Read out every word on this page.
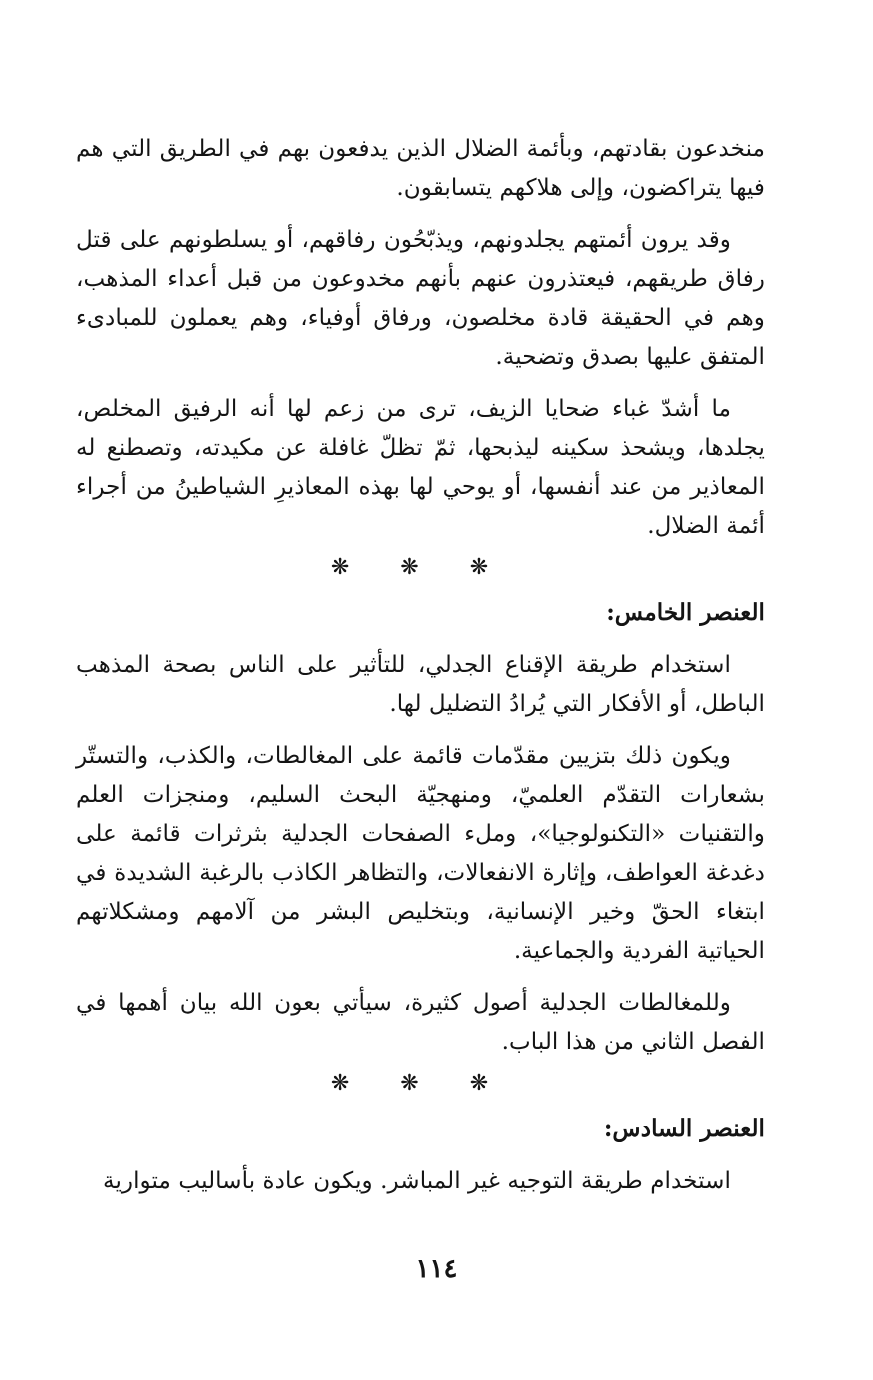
منخدعون بقادتهم، وبأئمة الضلال الذين يدفعون بهم في الطريق التي هم فيها يتراكضون، وإلى هلاكهم يتسابقون.

وقد يرون أئمتهم يجلدونهم، ويذبّحُون رفاقهم، أو يسلطونهم على قتل رفاق طريقهم، فيعتذرون عنهم بأنهم مخدوعون من قبل أعداء المذهب، وهم في الحقيقة قادة مخلصون، ورفاق أوفياء، وهم يعملون للمبادىء المتفق عليها بصدق وتضحية.

ما أشدّ غباء ضحايا الزيف، ترى من زعم لها أنه الرفيق المخلص، يجلدها، ويشحذ سكينه ليذبحها، ثمّ تظلّ غافلة عن مكيدته، وتصطنع له المعاذير من عند أنفسها، أو يوحي لها بهذه المعاذيرِ الشياطينُ من أجراء أئمة الضلال.

❋ ❋ ❋

العنصر الخامس:

استخدام طريقة الإقناع الجدلي، للتأثير على الناس بصحة المذهب الباطل، أو الأفكار التي يُرادُ التضليل لها.

ويكون ذلك بتزيين مقدّمات قائمة على المغالطات، والكذب، والتستّر بشعارات التقدّم العلميّ، ومنهجيّة البحث السليم، ومنجزات العلم والتقنيات «التكنولوجيا»، وملء الصفحات الجدلية بثرثرات قائمة على دغدغة العواطف، وإثارة الانفعالات، والتظاهر الكاذب بالرغبة الشديدة في ابتغاء الحقّ وخير الإنسانية، وبتخليص البشر من آلامهم ومشكلاتهم الحياتية الفردية والجماعية.

وللمغالطات الجدلية أصول كثيرة، سيأتي بعون الله بيان أهمها في الفصل الثاني من هذا الباب.

❋ ❋ ❋

العنصر السادس:

استخدام طريقة التوجيه غير المباشر. ويكون عادة بأساليب متوارية

١١٤
